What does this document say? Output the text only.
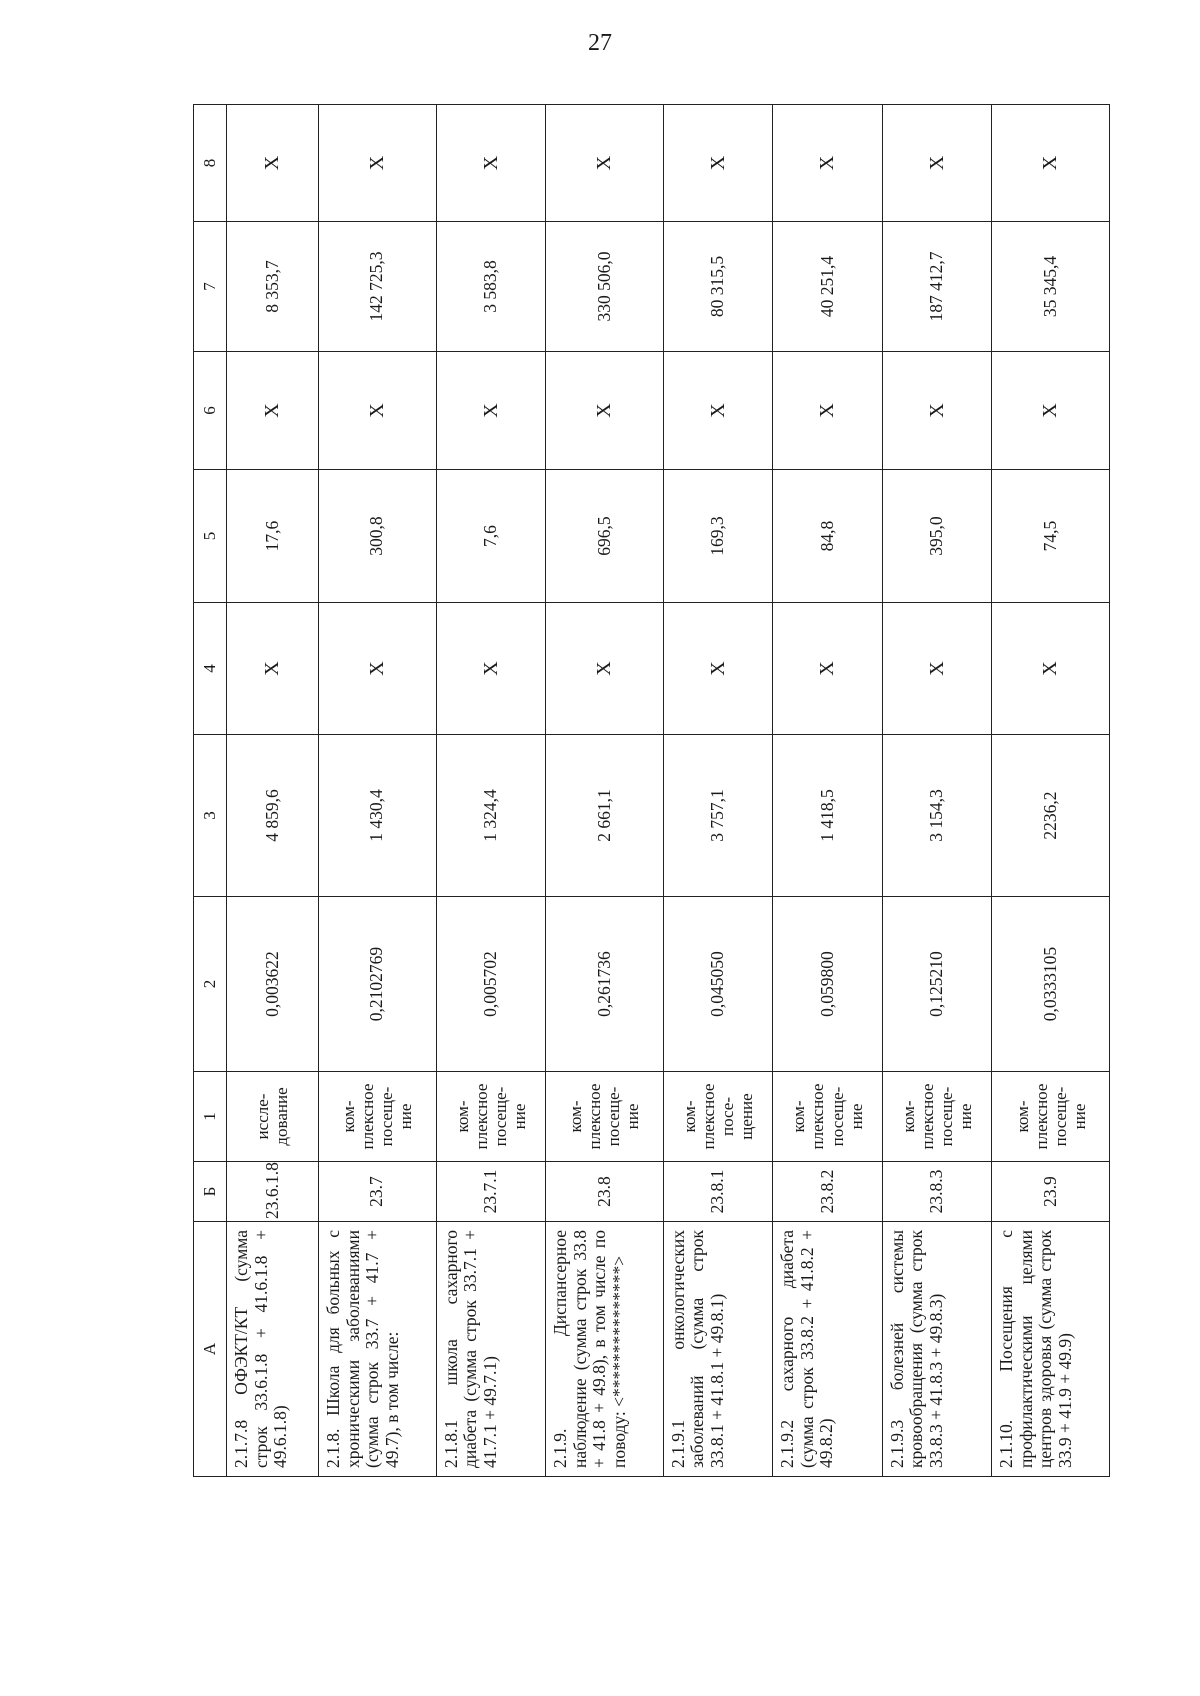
27
А	Б	1	2	3	4	5	6	7	8
2.1.7.8 ОФЭКТ/КТ (сумма строк 33.6.1.8 + 41.6.1.8 + 49.6.1.8)	23.6.1.8	иссле-дование	0,003622	4 859,6	X	17,6	X	8 353,7	X
2.1.8. Школа для больных с хроническими заболеваниями (сумма строк 33.7 + 41.7 + 49.7), в том числе:	23.7	ком-плексное посеще-ние	0,2102769	1 430,4	X	300,8	X	142 725,3	X
2.1.8.1 школа сахарного диабета (сумма строк 33.7.1 + 41.7.1 + 49.7.1)	23.7.1	ком-плексное посеще-ние	0,005702	1 324,4	X	7,6	X	3 583,8	X
2.1.9. Диспансерное наблюдение (сумма строк 33.8 + 41.8 + 49.8), в том числе по поводу: <***************>	23.8	ком-плексное посеще-ние	0,261736	2 661,1	X	696,5	X	330 506,0	X
2.1.9.1 онкологических заболеваний (сумма строк 33.8.1 + 41.8.1 + 49.8.1)	23.8.1	ком-плексное посе-щение	0,045050	3 757,1	X	169,3	X	80 315,5	X
2.1.9.2 сахарного диабета (сумма строк 33.8.2 + 41.8.2 + 49.8.2)	23.8.2	ком-плексное посеще-ние	0,059800	1 418,5	X	84,8	X	40 251,4	X
2.1.9.3 болезней системы кровообращения (сумма строк 33.8.3 + 41.8.3 + 49.8.3)	23.8.3	ком-плексное посеще-ние	0,125210	3 154,3	X	395,0	X	187 412,7	X
2.1.10. Посещения с профилактическими целями центров здоровья (сумма строк 33.9 + 41.9 + 49.9)	23.9	ком-плексное посеще-ние	0,0333105	2236,2	X	74,5	X	35 345,4	X
